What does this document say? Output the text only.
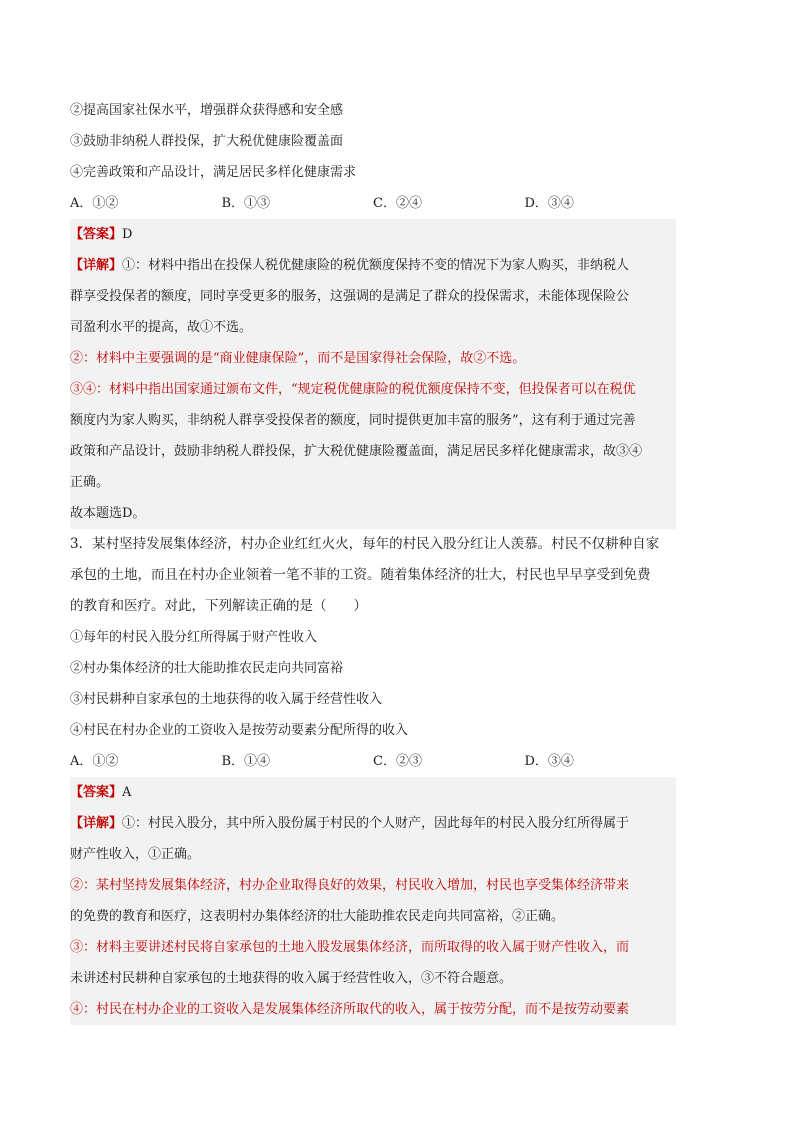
②提高国家社保水平，增强群众获得感和安全感
③鼓励非纳税人群投保，扩大税优健康险覆盖面
④完善政策和产品设计，满足居民多样化健康需求
A．①②	B．①③	C．②④	D．③④
【答案】D
【详解】①：材料中指出在投保人税优健康险的税优额度保持不变的情况下为家人购买，非纳税人
群享受投保者的额度，同时享受更多的服务，这强调的是满足了群众的投保需求，未能体现保险公
司盈利水平的提高，故①不选。
②：材料中主要强调的是“商业健康保险”，而不是国家得社会保险，故②不选。
③④：材料中指出国家通过颁布文件，“规定税优健康险的税优额度保持不变，但投保者可以在税优
额度内为家人购买，非纳税人群享受投保者的额度，同时提供更加丰富的服务”，这有利于通过完善
政策和产品设计，鼓励非纳税人群投保，扩大税优健康险覆盖面，满足居民多样化健康需求，故③④
正确。
故本题选D。
3．某村坚持发展集体经济，村办企业红红火火，每年的村民入股分红让人羡慕。村民不仅耕种自家
承包的土地，而且在村办企业领着一笔不菲的工资。随着集体经济的壮大，村民也早早享受到免费
的教育和医疗。对此，下列解读正确的是（　　）
①每年的村民入股分红所得属于财产性收入
②村办集体经济的壮大能助推农民走向共同富裕
③村民耕种自家承包的土地获得的收入属于经营性收入
④村民在村办企业的工资收入是按劳动要素分配所得的收入
A．①②	B．①④	C．②③	D．③④
【答案】A
【详解】①：村民入股分，其中所入股份属于村民的个人财产，因此每年的村民入股分红所得属于
财产性收入，①正确。
②：某村坚持发展集体经济，村办企业取得良好的效果，村民收入增加，村民也享受集体经济带来
的免费的教育和医疗，这表明村办集体经济的壮大能助推农民走向共同富裕，②正确。
③：材料主要讲述村民将自家承包的土地入股发展集体经济，而所取得的收入属于财产性收入，而
未讲述村民耕种自家承包的土地获得的收入属于经营性收入，③不符合题意。
④：村民在村办企业的工资收入是发展集体经济所取代的收入，属于按劳分配，而不是按劳动要素
